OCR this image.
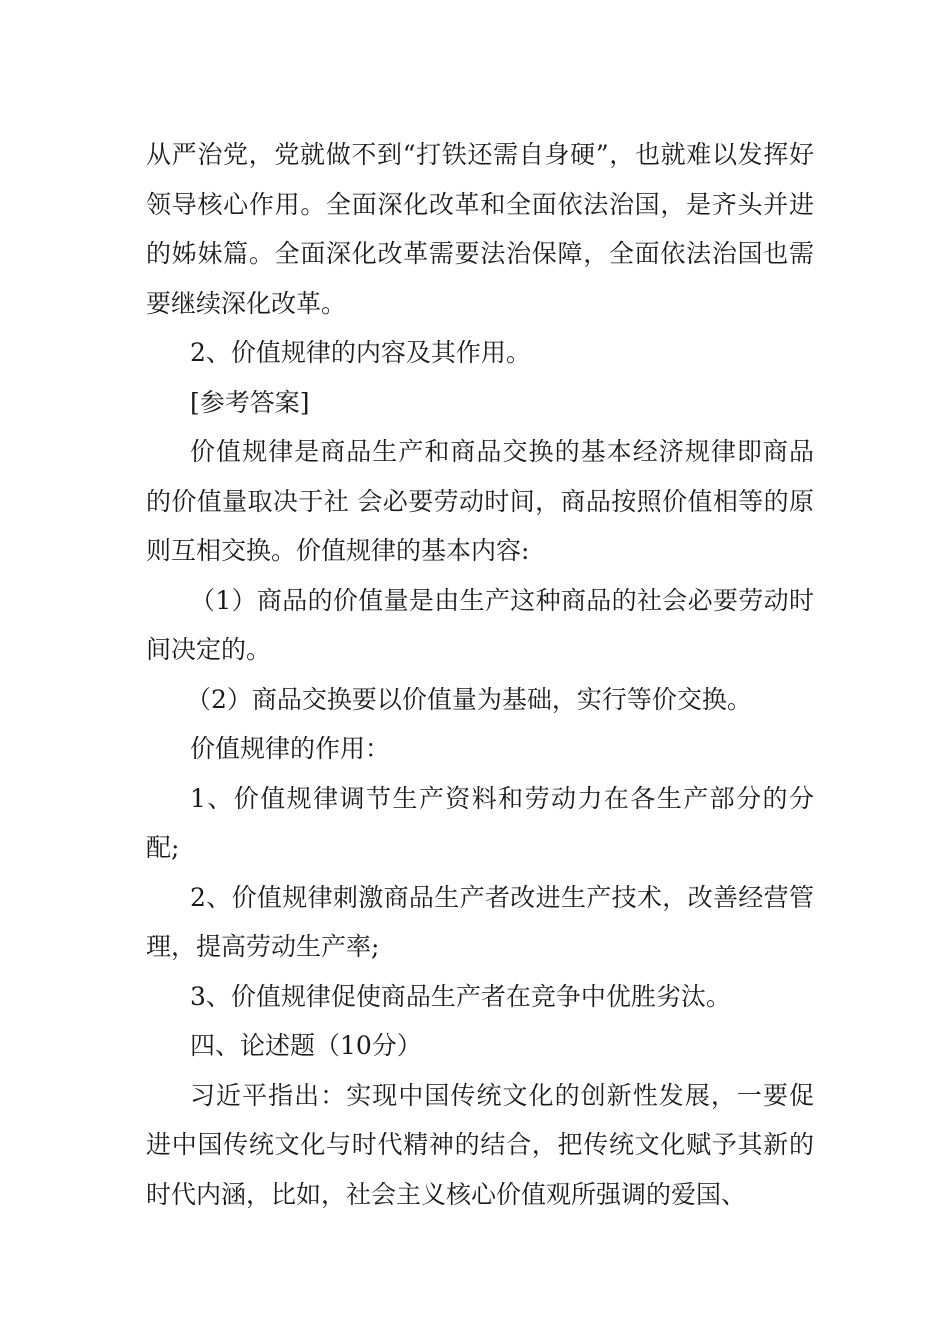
从严治党，党就做不到“打铁还需自身硬”，也就难以发挥好领导核心作用。全面深化改革和全面依法治国，是齐头并进的姊妹篇。全面深化改革需要法治保障，全面依法治国也需要继续深化改革。

2、价值规律的内容及其作用。

[参考答案]

价值规律是商品生产和商品交换的基本经济规律即商品的价值量取决于社 会必要劳动时间，商品按照价值相等的原则互相交换。价值规律的基本内容:

（1）商品的价值量是由生产这种商品的社会必要劳动时间决定的。

（2）商品交换要以价值量为基础，实行等价交换。

价值规律的作用：

1、价值规律调节生产资料和劳动力在各生产部分的分配;

2、价值规律刺激商品生产者改进生产技术，改善经营管理，提高劳动生产率;

3、价值规律促使商品生产者在竞争中优胜劣汰。

四、论述题（10分）

习近平指出：实现中国传统文化的创新性发展，一要促进中国传统文化与时代精神的结合，把传统文化赋予其新的时代内涵，比如，社会主义核心价值观所强调的爱国、
